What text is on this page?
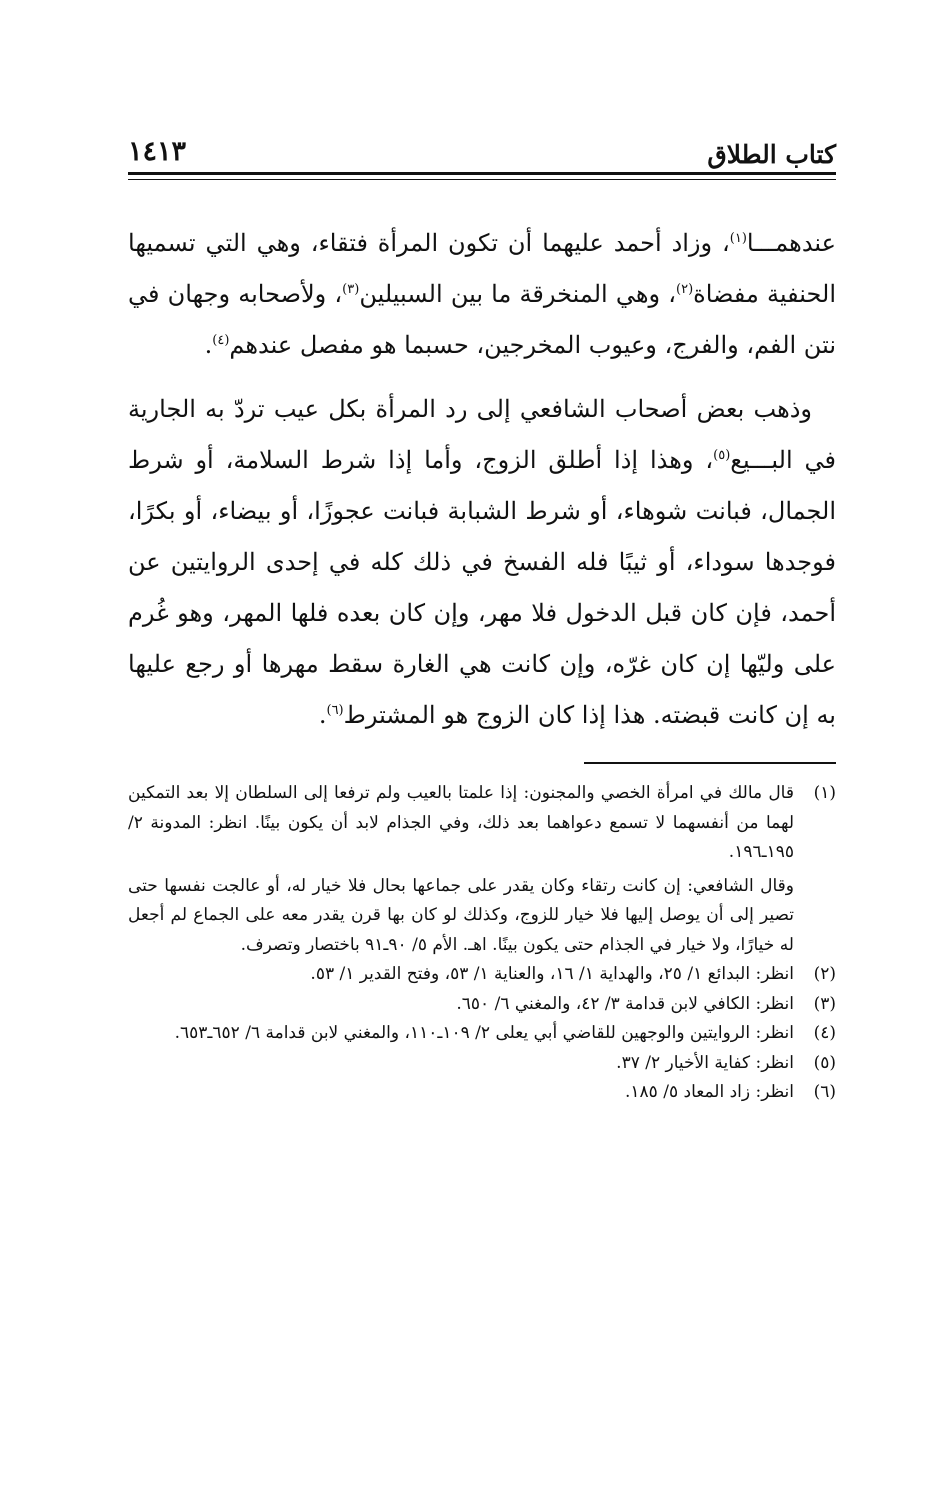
كتاب الطلاق
١٤١٣

عندهمـــا$^{(١)}$، وزاد أحمد عليهما أن تكون المرأة فتقاء، وهي التي تسميها الحنفية مفضاة$^{(٢)}$، وهي المنخرقة ما بين السبيلين$^{(٣)}$، ولأصحابه وجهان في نتن الفم، والفرج، وعيوب المخرجين، حسبما هو مفصل عندهم$^{(٤)}$.

وذهب بعض أصحاب الشافعي إلى رد المرأة بكل عيب تردّ به الجارية في البـــيع$^{(٥)}$، وهذا إذا أطلق الزوج، وأما إذا شرط السلامة، أو شرط الجمال، فبانت شوهاء، أو شرط الشبابة فبانت عجوزًا، أو بيضاء، أو بكرًا، فوجدها سوداء، أو ثيبًا فله الفسخ في ذلك كله في إحدى الروايتين عن أحمد، فإن كان قبل الدخول فلا مهر، وإن كان بعده فلها المهر، وهو غُرم على وليّها إن كان غرّه، وإن كانت هي الغارة سقط مهرها أو رجع عليها به إن كانت قبضته. هذا إذا كان الزوج هو المشترط$^{(٦)}$.

(١)
قال مالك في امرأة الخصي والمجنون: إذا علمتا بالعيب ولم ترفعا إلى السلطان إلا بعد التمكين لهما من أنفسهما لا تسمع دعواهما بعد ذلك، وفي الجذام لابد أن يكون بينًا. انظر: المدونة ٢/ ١٩٥ـ١٩٦.
وقال الشافعي: إن كانت رتقاء وكان يقدر على جماعها بحال فلا خيار له، أو عالجت نفسها حتى تصير إلى أن يوصل إليها فلا خيار للزوج، وكذلك لو كان بها قرن يقدر معه على الجماع لم أجعل له خيارًا، ولا خيار في الجذام حتى يكون بينًا. اهـ. الأم ٥/ ٩٠ـ٩١ باختصار وتصرف.
(٢)
انظر: البدائع ١/ ٢٥، والهداية ١/ ١٦، والعناية ١/ ٥٣، وفتح القدير ١/ ٥٣.
(٣)
انظر: الكافي لابن قدامة ٣/ ٤٢، والمغني ٦/ ٦٥٠.
(٤)
انظر: الروايتين والوجهين للقاضي أبي يعلى ٢/ ١٠٩ـ١١٠، والمغني لابن قدامة ٦/ ٦٥٢ـ٦٥٣.
(٥)
انظر: كفاية الأخيار ٢/ ٣٧.
(٦)
انظر: زاد المعاد ٥/ ١٨٥.
